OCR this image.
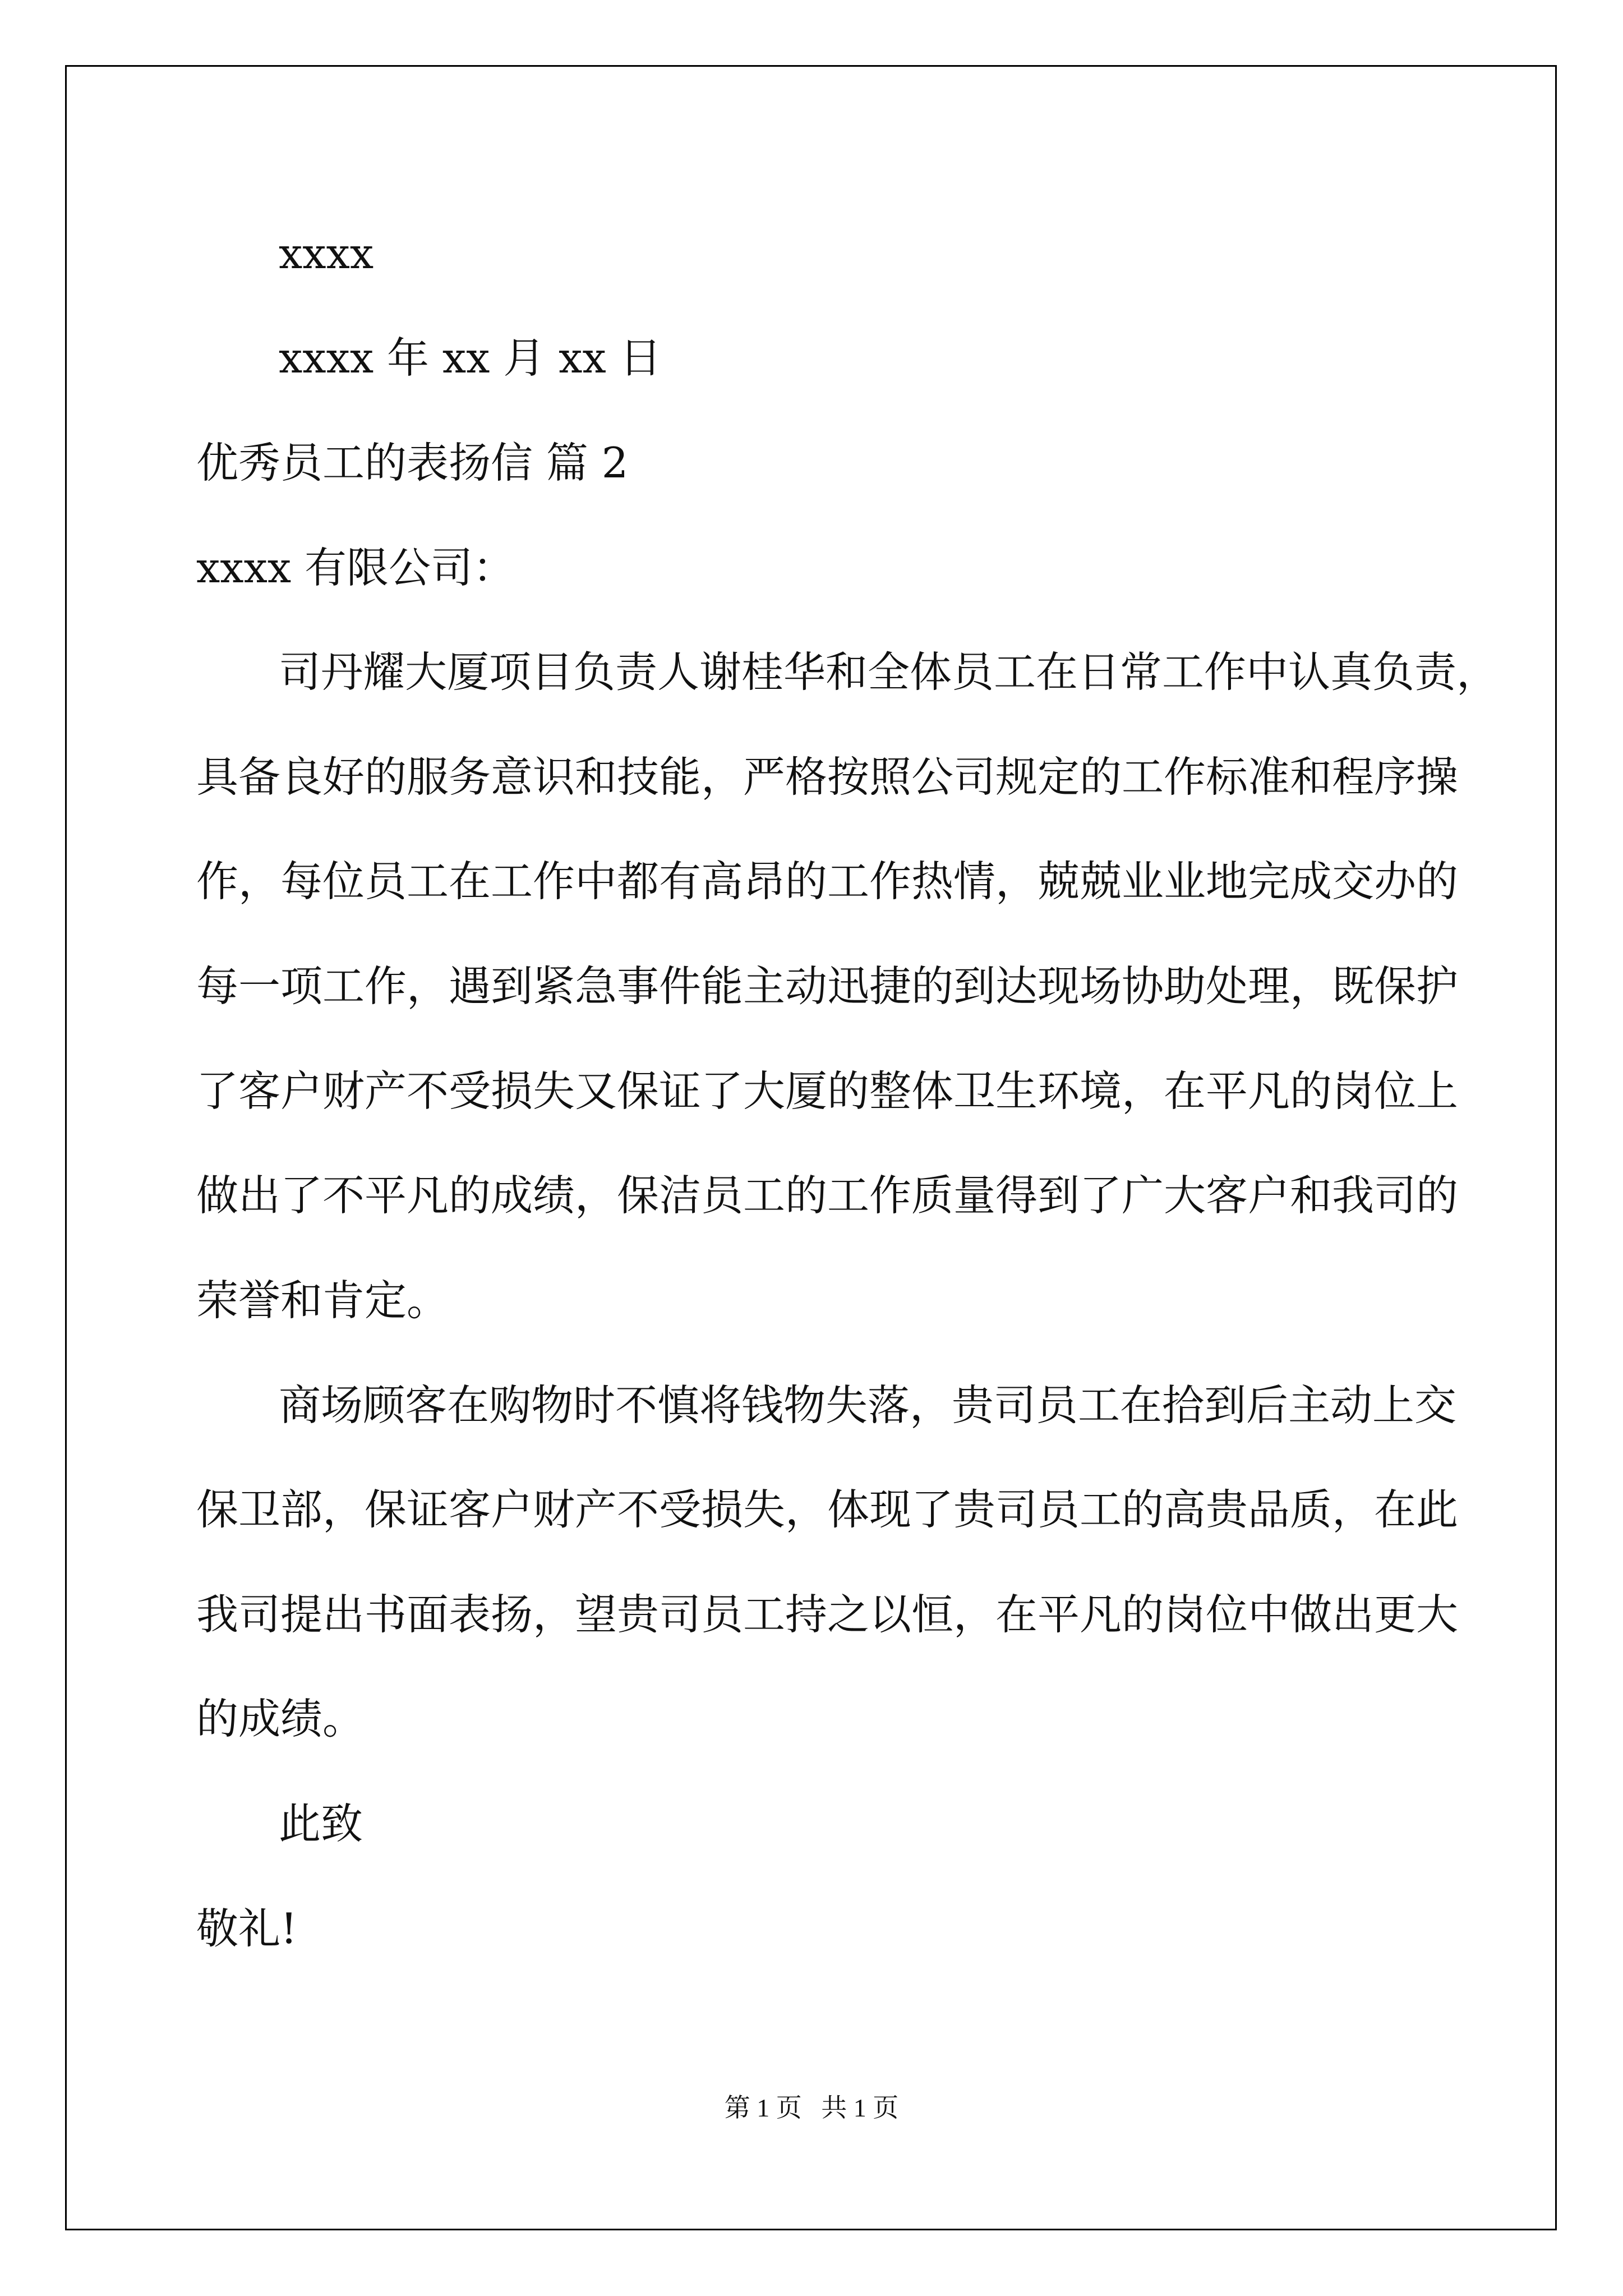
xxxx

xxxx 年 xx 月 xx 日

优秀员工的表扬信 篇 2

xxxx 有限公司：

司丹耀大厦项目负责人谢桂华和全体员工在日常工作中认真负责，

具备良好的服务意识和技能，严格按照公司规定的工作标准和程序操

作，每位员工在工作中都有高昂的工作热情，兢兢业业地完成交办的

每一项工作，遇到紧急事件能主动迅捷的到达现场协助处理，既保护

了客户财产不受损失又保证了大厦的整体卫生环境，在平凡的岗位上

做出了不平凡的成绩，保洁员工的工作质量得到了广大客户和我司的

荣誉和肯定。

商场顾客在购物时不慎将钱物失落，贵司员工在拾到后主动上交

保卫部，保证客户财产不受损失，体现了贵司员工的高贵品质，在此

我司提出书面表扬，望贵司员工持之以恒，在平凡的岗位中做出更大

的成绩。

此致

敬礼!

第 1 页   共 1 页
